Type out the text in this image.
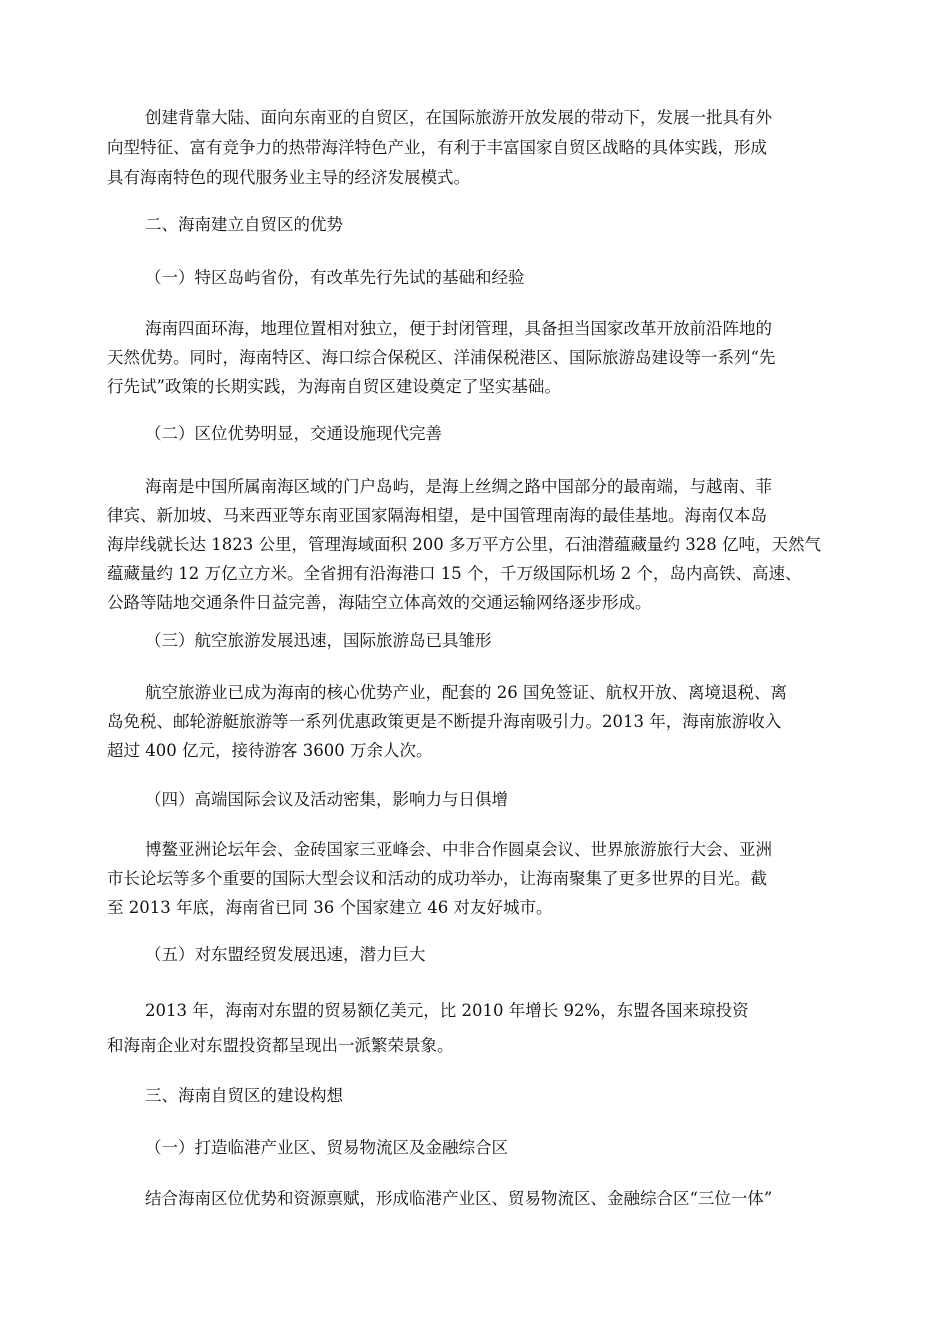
创建背靠大陆、面向东南亚的自贸区，在国际旅游开放发展的带动下，发展一批具有外
向型特征、富有竞争力的热带海洋特色产业，有利于丰富国家自贸区战略的具体实践，形成
具有海南特色的现代服务业主导的经济发展模式。
二、海南建立自贸区的优势
（一）特区岛屿省份，有改革先行先试的基础和经验
海南四面环海，地理位置相对独立，便于封闭管理，具备担当国家改革开放前沿阵地的
天然优势。同时，海南特区、海口综合保税区、洋浦保税港区、国际旅游岛建设等一系列“先
行先试”政策的长期实践，为海南自贸区建设奠定了坚实基础。
（二）区位优势明显，交通设施现代完善
海南是中国所属南海区域的门户岛屿，是海上丝绸之路中国部分的最南端，与越南、菲
律宾、新加坡、马来西亚等东南亚国家隔海相望，是中国管理南海的最佳基地。海南仅本岛
海岸线就长达 1823 公里，管理海域面积 200 多万平方公里，石油潜蕴藏量约 328 亿吨，天然气
蕴藏量约 12 万亿立方米。全省拥有沿海港口 15 个，千万级国际机场 2 个，岛内高铁、高速、
公路等陆地交通条件日益完善，海陆空立体高效的交通运输网络逐步形成。
（三）航空旅游发展迅速，国际旅游岛已具雏形
航空旅游业已成为海南的核心优势产业，配套的 26 国免签证、航权开放、离境退税、离
岛免税、邮轮游艇旅游等一系列优惠政策更是不断提升海南吸引力。2013 年，海南旅游收入
超过 400 亿元，接待游客 3600 万余人次。
（四）高端国际会议及活动密集，影响力与日俱增
博鳌亚洲论坛年会、金砖国家三亚峰会、中非合作圆桌会议、世界旅游旅行大会、亚洲
市长论坛等多个重要的国际大型会议和活动的成功举办，让海南聚集了更多世界的目光。截
至 2013 年底，海南省已同 36 个国家建立 46 对友好城市。
（五）对东盟经贸发展迅速，潜力巨大
2013 年，海南对东盟的贸易额亿美元，比 2010 年增长 92%，东盟各国来琼投资
和海南企业对东盟投资都呈现出一派繁荣景象。
三、海南自贸区的建设构想
（一）打造临港产业区、贸易物流区及金融综合区
结合海南区位优势和资源禀赋，形成临港产业区、贸易物流区、金融综合区“三位一体”
